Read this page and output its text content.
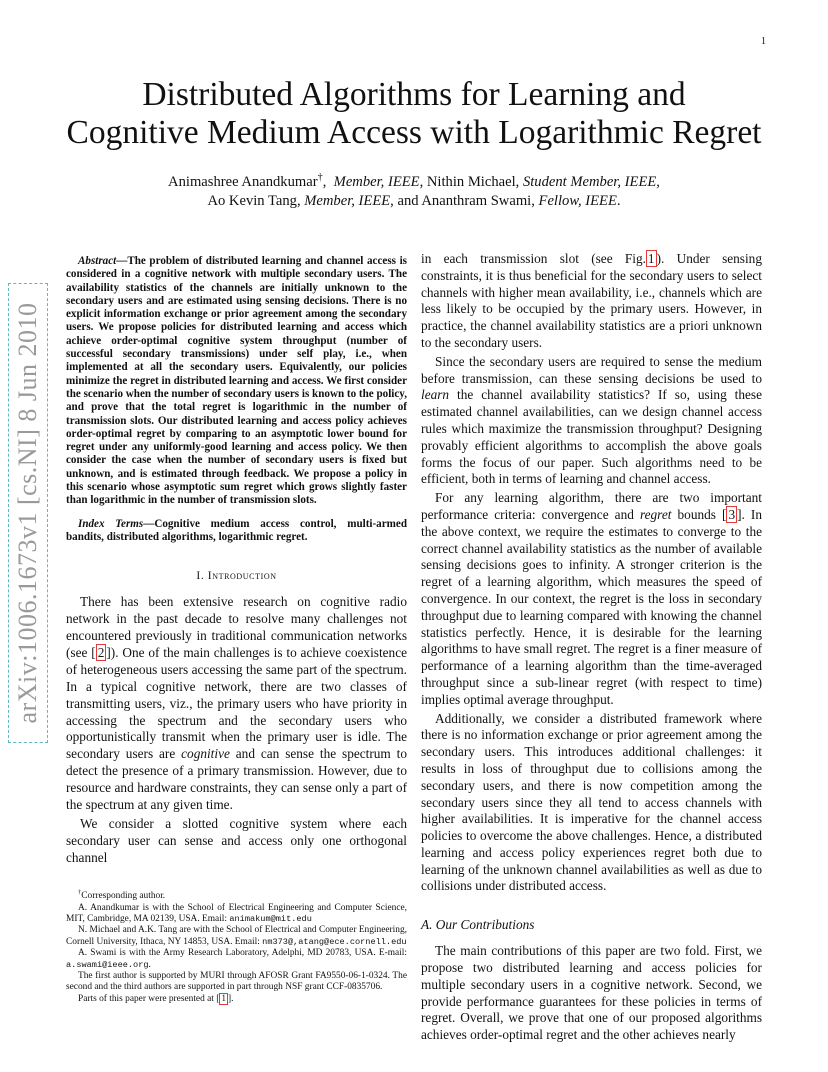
1
arXiv:1006.1673v1 [cs.NI] 8 Jun 2010
Distributed Algorithms for Learning and
Cognitive Medium Access with Logarithmic Regret
Animashree Anandkumar†,  Member, IEEE, Nithin Michael, Student Member, IEEE,
Ao Kevin Tang, Member, IEEE, and Ananthram Swami, Fellow, IEEE.

Abstract—The problem of distributed learning and channel access is considered in a cognitive network with multiple secondary users. The availability statistics of the channels are initially unknown to the secondary users and are estimated using sensing decisions. There is no explicit information exchange or prior agreement among the secondary users. We propose policies for distributed learning and access which achieve order-optimal cognitive system throughput (number of successful secondary transmissions) under self play, i.e., when implemented at all the secondary users. Equivalently, our policies minimize the regret in distributed learning and access. We first consider the scenario when the number of secondary users is known to the policy, and prove that the total regret is logarithmic in the number of transmission slots. Our distributed learning and access policy achieves order-optimal regret by comparing to an asymptotic lower bound for regret under any uniformly-good learning and access policy. We then consider the case when the number of secondary users is fixed but unknown, and is estimated through feedback. We propose a policy in this scenario whose asymptotic sum regret which grows slightly faster than logarithmic in the number of transmission slots.

Index Terms—Cognitive medium access control, multi-armed bandits, distributed algorithms, logarithmic regret.

I. Introduction

There has been extensive research on cognitive radio network in the past decade to resolve many challenges not encountered previously in traditional communication networks (see [ 2 ]). One of the main challenges is to achieve coexistence of heterogeneous users accessing the same part of the spectrum. In a typical cognitive network, there are two classes of transmitting users, viz., the primary users who have priority in accessing the spectrum and the secondary users who opportunistically transmit when the primary user is idle. The secondary users are cognitive and can sense the spectrum to detect the presence of a primary transmission. However, due to resource and hardware constraints, they can sense only a part of the spectrum at any given time.

We consider a slotted cognitive system where each secondary user can sense and access only one orthogonal channel

†Corresponding author.

A. Anandkumar is with the School of Electrical Engineering and Computer Science, MIT, Cambridge, MA 02139, USA. Email: animakum@mit.edu

N. Michael and A.K. Tang are with the School of Electrical and Computer Engineering, Cornell University, Ithaca, NY 14853, USA. Email: nm373@,atang@ece.cornell.edu

A. Swami is with the Army Research Laboratory, Adelphi, MD 20783, USA. E-mail: a.swami@ieee.org.

The first author is supported by MURI through AFOSR Grant FA9550-06-1-0324. The second and the third authors are supported in part through NSF grant CCF-0835706.

Parts of this paper were presented at [ 1 ].

in each transmission slot (see Fig. 1 ). Under sensing constraints, it is thus beneficial for the secondary users to select channels with higher mean availability, i.e., channels which are less likely to be occupied by the primary users. However, in practice, the channel availability statistics are a priori unknown to the secondary users.

Since the secondary users are required to sense the medium before transmission, can these sensing decisions be used to learn the channel availability statistics? If so, using these estimated channel availabilities, can we design channel access rules which maximize the transmission throughput? Designing provably efficient algorithms to accomplish the above goals forms the focus of our paper. Such algorithms need to be efficient, both in terms of learning and channel access.

For any learning algorithm, there are two important performance criteria: convergence and regret bounds [ 3 ]. In the above context, we require the estimates to converge to the correct channel availability statistics as the number of available sensing decisions goes to infinity. A stronger criterion is the regret of a learning algorithm, which measures the speed of convergence. In our context, the regret is the loss in secondary throughput due to learning compared with knowing the channel statistics perfectly. Hence, it is desirable for the learning algorithms to have small regret. The regret is a finer measure of performance of a learning algorithm than the time-averaged throughput since a sub-linear regret (with respect to time) implies optimal average throughput.

Additionally, we consider a distributed framework where there is no information exchange or prior agreement among the secondary users. This introduces additional challenges: it results in loss of throughput due to collisions among the secondary users, and there is now competition among the secondary users since they all tend to access channels with higher availabilities. It is imperative for the channel access policies to overcome the above challenges. Hence, a distributed learning and access policy experiences regret both due to learning of the unknown channel availabilities as well as due to collisions under distributed access.

A. Our Contributions

The main contributions of this paper are two fold. First, we propose two distributed learning and access policies for multiple secondary users in a cognitive network. Second, we provide performance guarantees for these policies in terms of regret. Overall, we prove that one of our proposed algorithms achieves order-optimal regret and the other achieves nearly
